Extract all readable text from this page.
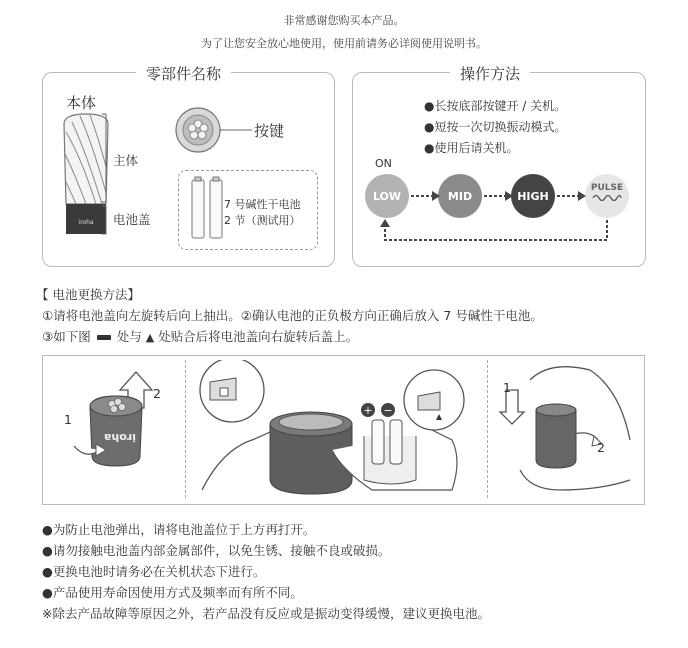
非常感谢您购买本产品。
为了让您安全放心地使用，使用前请务必详阅使用说明书。
零部件名称
本体
iroha
主体
电池盖
按键
7 号碱性干电池
2 节（测试用）
操作方法
●长按底部按键开 / 关机。
●短按一次切换振动模式。
●使用后请关机。
ON
LOW	MID	HIGH
PULSE
【 电池更换方法】
①请将电池盖向左旋转后向上抽出。②确认电池的正负极方向正确后放入 7 号碱性干电池。
③如下图 处与 ▲ 处贴合后将电池盖向右旋转后盖上。
iroha
1
2
+ −
1
2
●为防止电池弹出，请将电池盖位于上方再打开。
●请勿接触电池盖内部金属部件，以免生锈、接触不良或破损。
●更换电池时请务必在关机状态下进行。
●产品使用寿命因使用方式及频率而有所不同。
※除去产品故障等原因之外，若产品没有反应或是振动变得缓慢，建议更换电池。
